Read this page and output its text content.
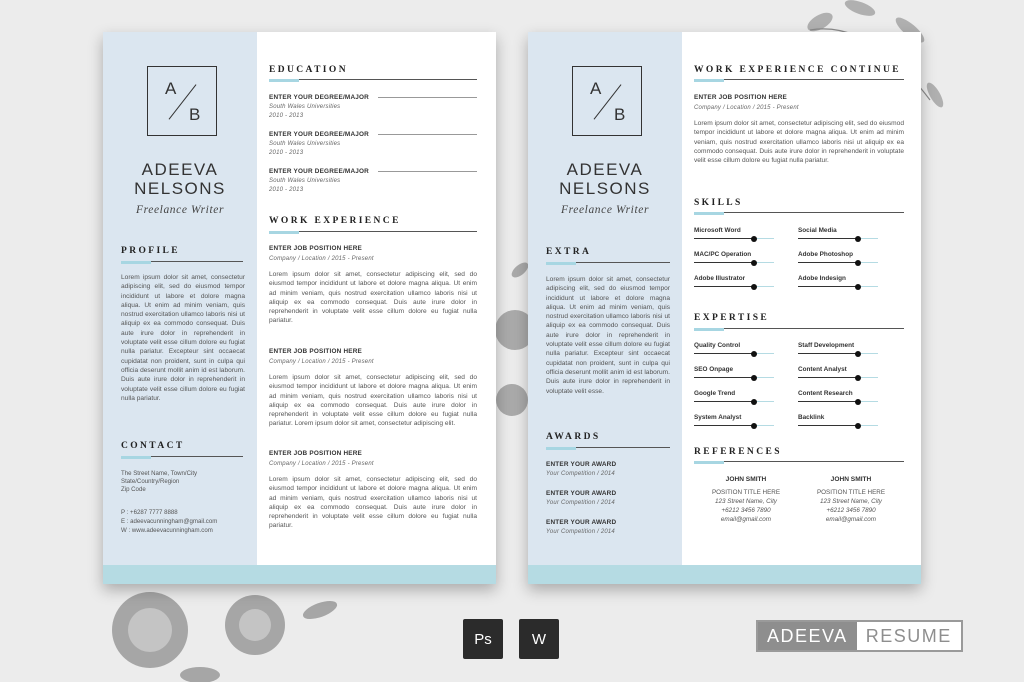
A
B
ADEEVA
NELSONS
Freelance Writer
PROFILE
Lorem ipsum dolor sit amet, consectetur adipiscing elit, sed do eiusmod tempor incididunt ut labore et dolore magna aliqua. Ut enim ad minim veniam, quis nostrud exercitation ullamco laboris nisi ut aliquip ex ea commodo consequat. Duis aute irure dolor in reprehenderit in voluptate velit esse cillum dolore eu fugiat nulla pariatur. Excepteur sint occaecat cupidatat non proident, sunt in culpa qui officia deserunt mollit anim id est laborum. Duis aute irure dolor in reprehenderit in voluptate velit esse cillum dolore eu fugiat nulla pariatur.
CONTACT
The Street Name, Town/City
State/Country/Region
Zip Code
P : +6287 7777 8888
E : adeevacunningham@gmail.com
W : www.adeevacunningham.com
EDUCATION
ENTER YOUR DEGREE/MAJOR
South Wales Universities
2010 - 2013
ENTER YOUR DEGREE/MAJOR
South Wales Universities
2010 - 2013
ENTER YOUR DEGREE/MAJOR
South Wales Universities
2010 - 2013
WORK EXPERIENCE
ENTER JOB POSITION HERE
Company / Location / 2015 - Present
Lorem ipsum dolor sit amet, consectetur adipiscing elit, sed do eiusmod tempor incididunt ut labore et dolore magna aliqua. Ut enim ad minim veniam, quis nostrud exercitation ullamco laboris nisi ut aliquip ex ea commodo consequat. Duis aute irure dolor in reprehenderit in voluptate velit esse cillum dolore eu fugiat nulla pariatur.
ENTER JOB POSITION HERE
Company / Location / 2015 - Present
Lorem ipsum dolor sit amet, consectetur adipiscing elit, sed do eiusmod tempor incididunt ut labore et dolore magna aliqua. Ut enim ad minim veniam, quis nostrud exercitation ullamco laboris nisi ut aliquip ex ea commodo consequat. Duis aute irure dolor in reprehenderit in voluptate velit esse cillum dolore eu fugiat nulla pariatur. Lorem ipsum dolor sit amet, consectetur adipiscing elit.
ENTER JOB POSITION HERE
Company / Location / 2015 - Present
Lorem ipsum dolor sit amet, consectetur adipiscing elit, sed do eiusmod tempor incididunt ut labore et dolore magna aliqua. Ut enim ad minim veniam, quis nostrud exercitation ullamco laboris nisi ut aliquip ex ea commodo consequat. Duis aute irure dolor in reprehenderit in voluptate velit esse cillum dolore eu fugiat nulla pariatur.
A
B
ADEEVA
NELSONS
Freelance Writer
EXTRA
Lorem ipsum dolor sit amet, consectetur adipiscing elit, sed do eiusmod tempor incididunt ut labore et dolore magna aliqua. Ut enim ad minim veniam, quis nostrud exercitation ullamco laboris nisi ut aliquip ex ea commodo consequat. Duis aute irure dolor in reprehenderit in voluptate velit esse cillum dolore eu fugiat nulla pariatur. Excepteur sint occaecat cupidatat non proident, sunt in culpa qui officia deserunt mollit anim id est laborum. Duis aute irure dolor in reprehenderit in voluptate velit esse.
AWARDS
ENTER YOUR AWARD
Your Competition / 2014
ENTER YOUR AWARD
Your Competition / 2014
ENTER YOUR AWARD
Your Competition / 2014
WORK EXPERIENCE CONTINUE
ENTER JOB POSITION HERE
Company / Location / 2015 - Present
Lorem ipsum dolor sit amet, consectetur adipiscing elit, sed do eiusmod tempor incididunt ut labore et dolore magna aliqua. Ut enim ad minim veniam, quis nostrud exercitation ullamco laboris nisi ut aliquip ex ea commodo consequat. Duis aute irure dolor in reprehenderit in voluptate velit esse cillum dolore eu fugiat nulla pariatur.
SKILLS
Microsoft Word	Social Media
MAC/PC Operation	Adobe Photoshop
Adobe Illustrator	Adobe Indesign
EXPERTISE
Quality Control	Staff Development
SEO Onpage	Content Analyst
Google Trend	Content Research
System Analyst	Backlink
REFERENCES
JOHN SMITH
POSITION TITLE HERE
123 Street Name, City
+6212 3456 7890
email@gmail.com
JOHN SMITH
POSITION TITLE HERE
123 Street Name, City
+6212 3456 7890
email@gmail.com
Ps	W	ADEEVA	RESUME
